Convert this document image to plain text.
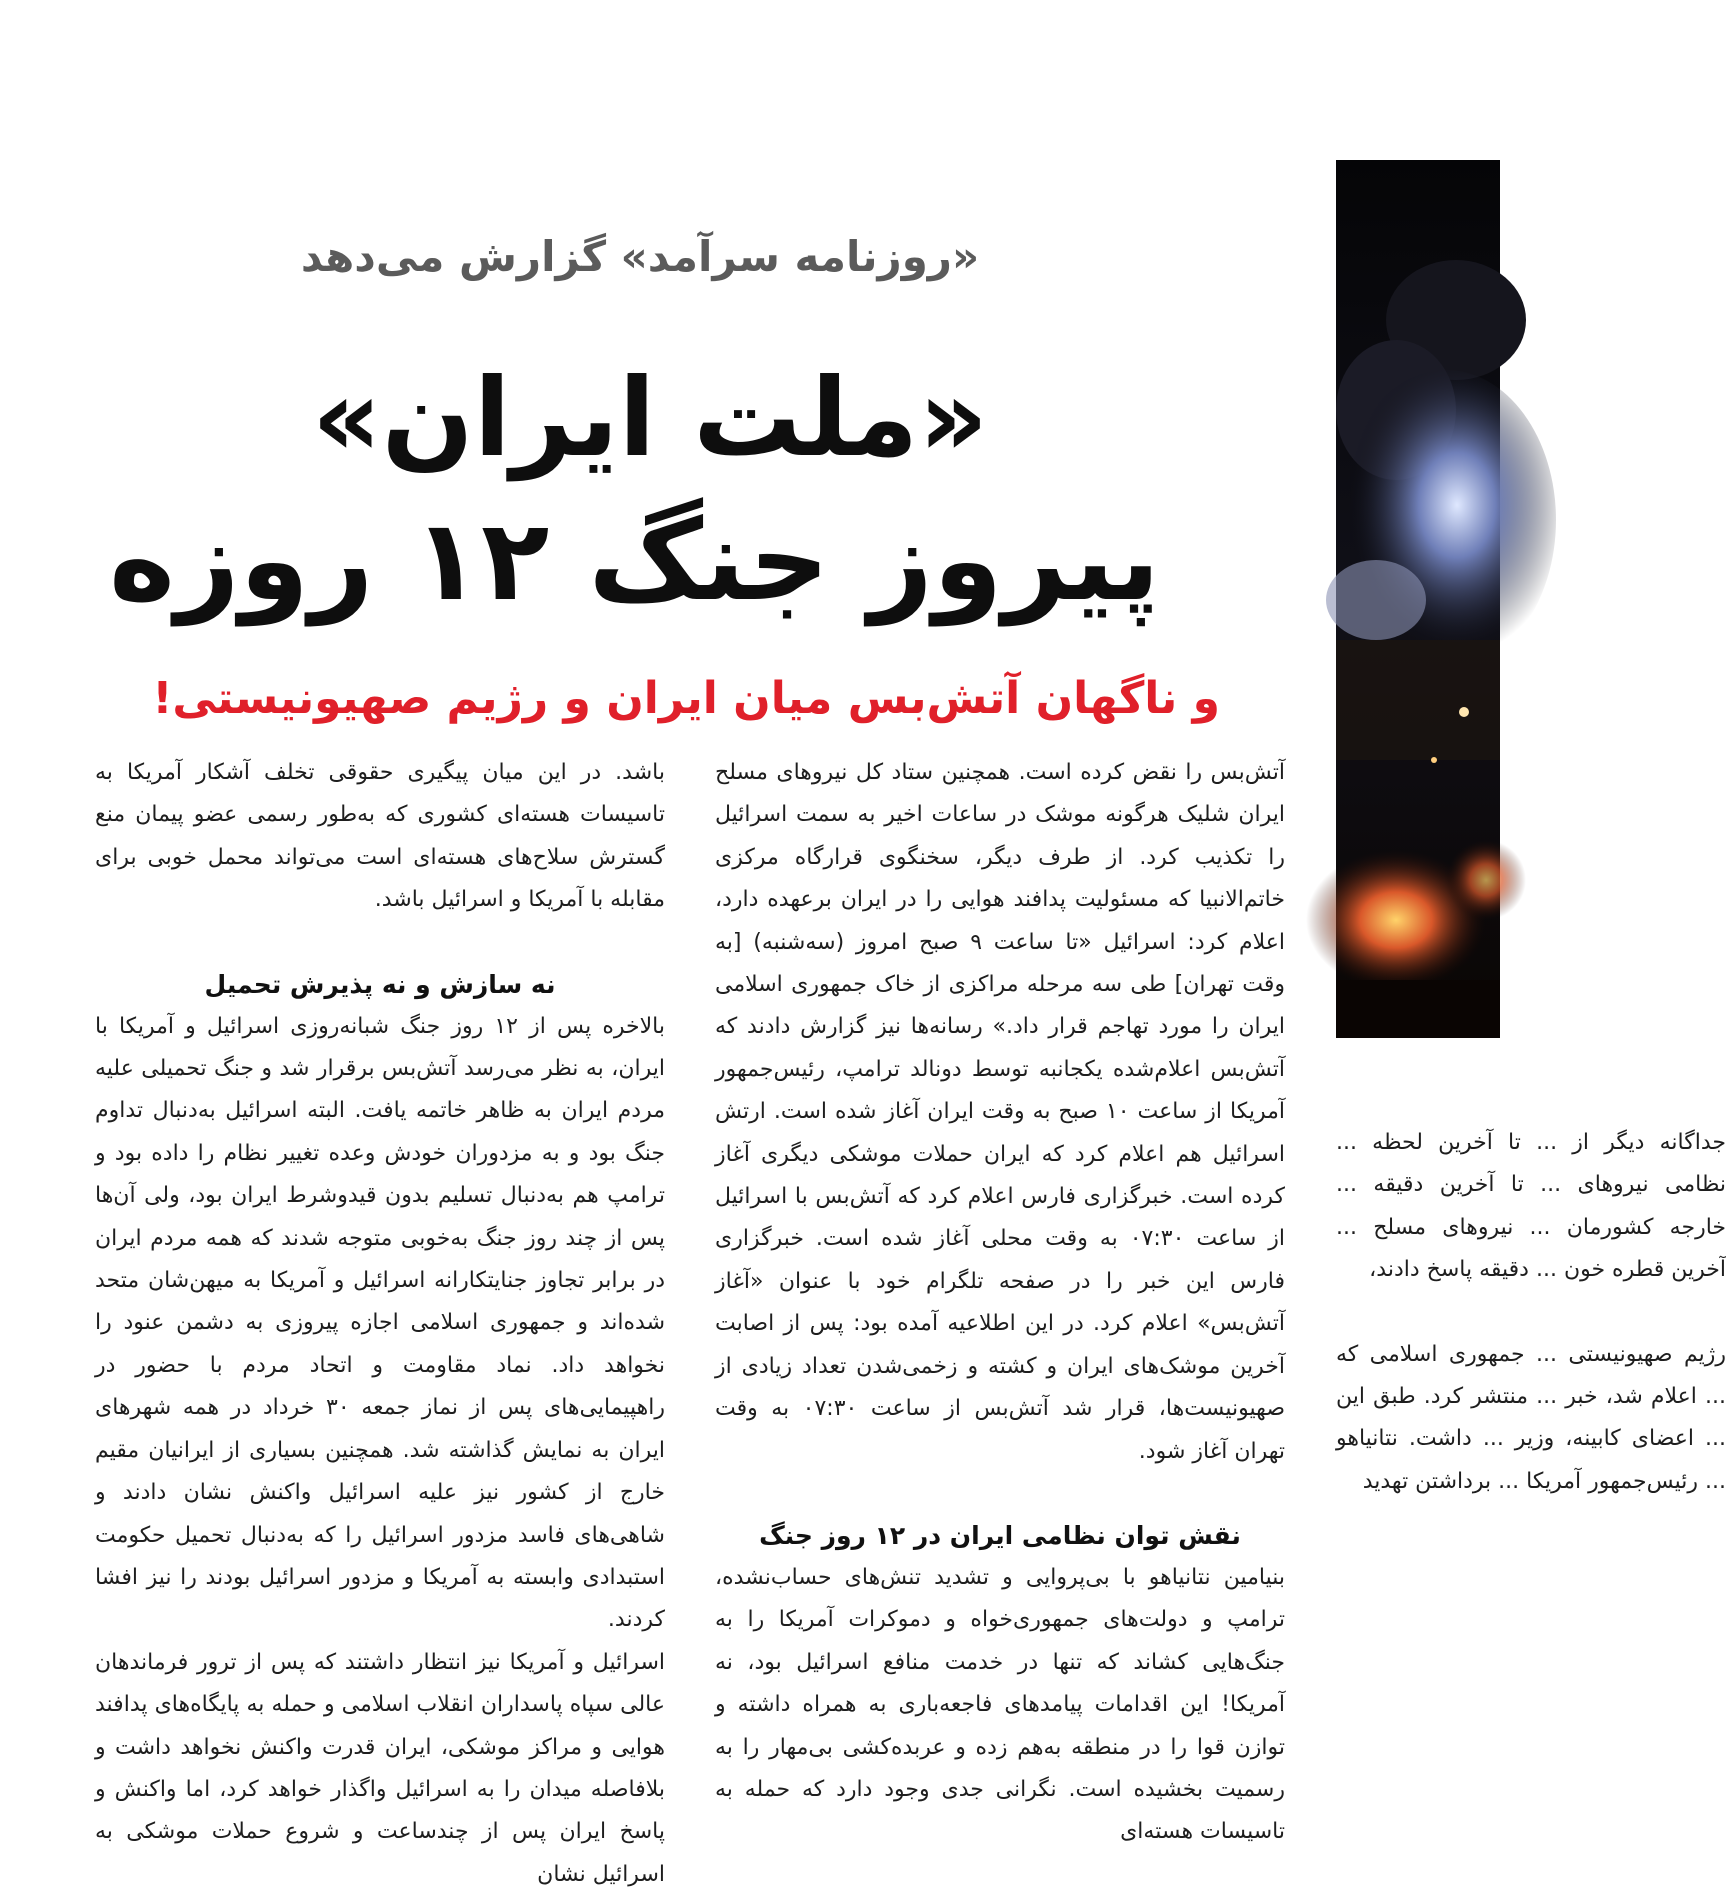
«روزنامه سرآمد» گزارش می‌دهد
«ملت ایران»
پیروز جنگ ۱۲ روزه
و ناگهان آتش‌بس میان ایران و رژیم صهیونیستی!

آتش‌بس را نقض کرده است. همچنین ستاد کل نیروهای مسلح ایران شلیک هرگونه موشک در ساعات اخیر به سمت اسرائیل را تکذیب کرد. از طرف دیگر، سخنگوی قرارگاه مرکزی خاتم‌الانبیا که مسئولیت پدافند هوایی را در ایران برعهده دارد، اعلام کرد: اسرائیل «تا ساعت ۹ صبح امروز (سه‌شنبه) [به وقت تهران] طی سه مرحله مراکزی از خاک جمهوری اسلامی ایران را مورد تهاجم قرار داد.» رسانه‌ها نیز گزارش دادند که آتش‌بس اعلام‌شده یکجانبه توسط دونالد ترامپ، رئیس‌جمهور آمریکا از ساعت ۱۰ صبح به وقت ایران آغاز شده است. ارتش اسرائیل هم اعلام کرد که ایران حملات موشکی دیگری آغاز کرده است. خبرگزاری فارس اعلام کرد که آتش‌بس با اسرائیل از ساعت ۰۷:۳۰ به وقت محلی آغاز شده است. خبرگزاری فارس این خبر را در صفحه تلگرام خود با عنوان «آغاز آتش‌بس» اعلام کرد. در این اطلاعیه آمده بود: پس از اصابت آخرین موشک‌های ایران و کشته و زخمی‌شدن تعداد زیادی از صهیونیست‌ها، قرار شد آتش‌بس از ساعت ۰۷:۳۰ به وقت تهران آغاز شود.

نقش توان نظامی ایران در ۱۲ روز جنگ

بنیامین نتانیاهو با بی‌پروایی و تشدید تنش‌های حساب‌نشده، ترامپ و دولت‌های جمهوری‌خواه و دموکرات آمریکا را به جنگ‌هایی کشاند که تنها در خدمت منافع اسرائیل بود، نه آمریکا! این اقدامات پیامدهای فاجعه‌باری به همراه داشته و توازن قوا را در منطقه به‌هم زده و عربده‌کشی بی‌مهار را به رسمیت بخشیده است. نگرانی جدی وجود دارد که حمله به تاسیسات هسته‌ای

باشد. در این میان پیگیری حقوقی تخلف آشکار آمریکا به تاسیسات هسته‌ای کشوری که به‌طور رسمی عضو پیمان منع گسترش سلاح‌های هسته‌ای است می‌تواند محمل خوبی برای مقابله با آمریکا و اسرائیل باشد.

نه سازش و نه پذیرش تحمیل

بالاخره پس از ۱۲ روز جنگ شبانه‌روزی اسرائیل و آمریکا با ایران، به نظر می‌رسد آتش‌بس برقرار شد و جنگ تحمیلی علیه مردم ایران به ظاهر خاتمه یافت. البته اسرائیل به‌دنبال تداوم جنگ بود و به مزدوران خودش وعده تغییر نظام را داده بود و ترامپ هم به‌دنبال تسلیم بدون قیدوشرط ایران بود، ولی آن‌ها پس از چند روز جنگ به‌خوبی متوجه شدند که همه مردم ایران در برابر تجاوز جنایتکارانه اسرائیل و آمریکا به میهن‌شان متحد شده‌اند و جمهوری اسلامی اجازه پیروزی به دشمن عنود را نخواهد داد. نماد مقاومت و اتحاد مردم با حضور در راهپیمایی‌های پس از نماز جمعه ۳۰ خرداد در همه شهرهای ایران به نمایش گذاشته شد. همچنین بسیاری از ایرانیان مقیم خارج از کشور نیز علیه اسرائیل واکنش نشان دادند و شاهی‌های فاسد مزدور اسرائیل را که به‌دنبال تحمیل حکومت استبدادی وابسته به آمریکا و مزدور اسرائیل بودند را نیز افشا کردند.

اسرائیل و آمریکا نیز انتظار داشتند که پس از ترور فرماندهان عالی سپاه پاسداران انقلاب اسلامی و حمله به پایگاه‌های پدافند هوایی و مراکز موشکی، ایران قدرت واکنش نخواهد داشت و بلافاصله میدان را به اسرائیل واگذار خواهد کرد، اما واکنش و پاسخ ایران پس از چندساعت و شروع حملات موشکی به اسرائیل نشان

جداگانه دیگر از ... تا آخرین لحظه ... نظامی نیروهای ... تا آخرین دقیقه ... خارجه کشورمان ... نیروهای مسلح ... آخرین قطره خون ... دقیقه پاسخ دادند،

رژیم صهیونیستی ... جمهوری اسلامی که ... اعلام شد، خبر ... منتشر کرد. طبق این ... اعضای کابینه، وزیر ... داشت. نتانیاهو ... رئیس‌جمهور آمریکا ... برداشتن تهدید
